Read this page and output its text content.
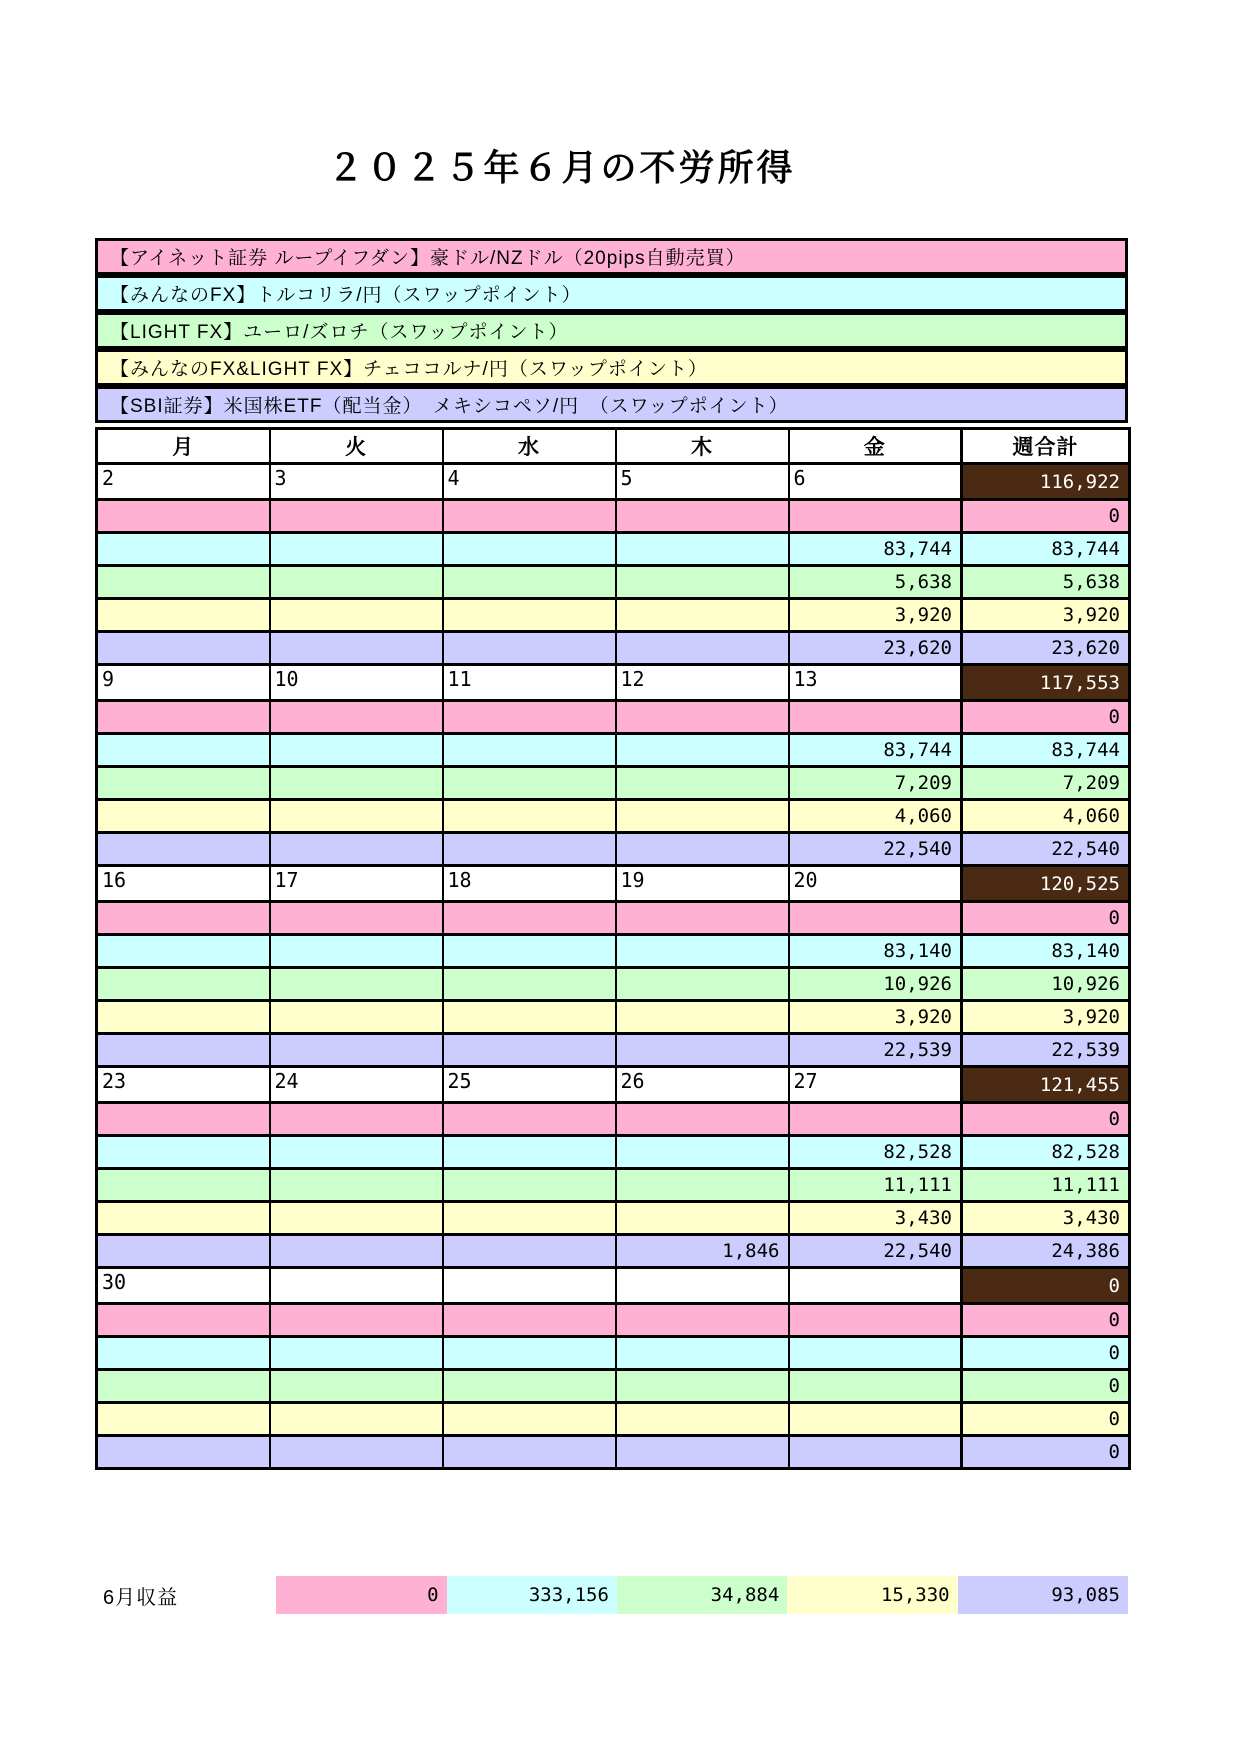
２０２５年６月の不労所得
【アイネット証券 ループイフダン】豪ドル/NZドル（20pips自動売買）
【みんなのFX】トルコリラ/円（スワップポイント）
【LIGHT FX】ユーロ/ズロチ（スワップポイント）
【みんなのFX&LIGHT FX】チェココルナ/円（スワップポイント）
【SBI証券】米国株ETF（配当金）　メキシコペソ/円　（スワップポイント）
月	火	水	木	金	週合計
2	3	4	5	6	116,922
					0
				83,744	83,744
				5,638	5,638
				3,920	3,920
				23,620	23,620
9	10	11	12	13	117,553
					0
				83,744	83,744
				7,209	7,209
				4,060	4,060
				22,540	22,540
16	17	18	19	20	120,525
					0
				83,140	83,140
				10,926	10,926
				3,920	3,920
				22,539	22,539
23	24	25	26	27	121,455
					0
				82,528	82,528
				11,111	11,111
				3,430	3,430
			1,846	22,540	24,386
30					0
					0
					0
					0
					0
					0
6月収益	0	333,156	34,884	15,330	93,085
